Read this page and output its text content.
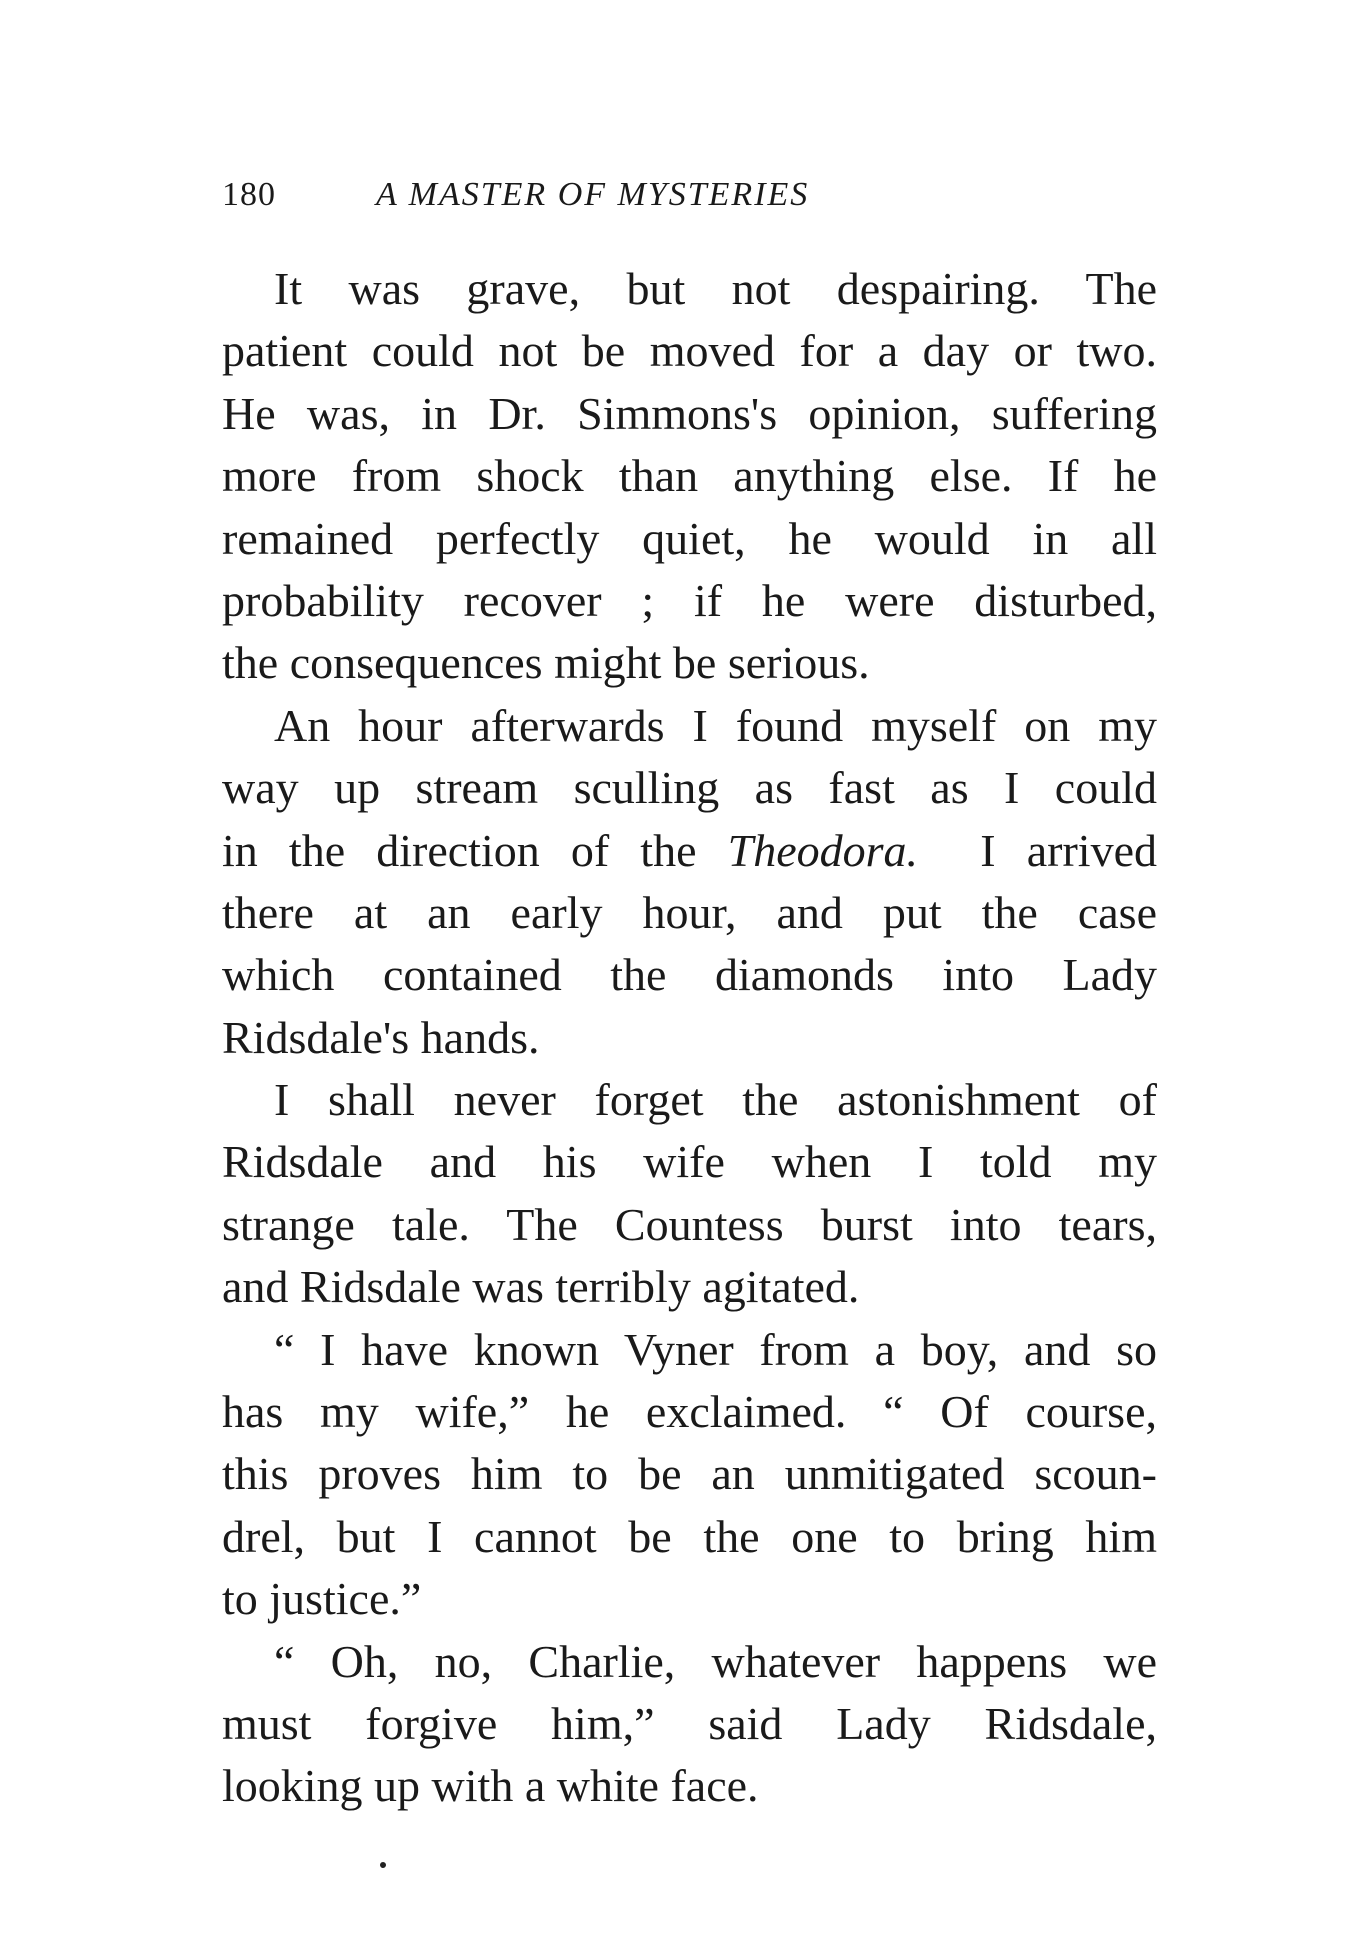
180	A MASTER OF MYSTERIES
It was grave, but not despairing. The
patient could not be moved for a day or two.
He was, in Dr. Simmons's opinion, suffering
more from shock than anything else. If he
remained perfectly quiet, he would in all
probability recover ; if he were disturbed,
the consequences might be serious.
An hour afterwards I found myself on my
way up stream sculling as fast as I could
in the direction of the Theodora.  I arrived
there at an early hour, and put the case
which contained the diamonds into Lady
Ridsdale's hands.
I shall never forget the astonishment of
Ridsdale and his wife when I told my
strange tale. The Countess burst into tears,
and Ridsdale was terribly agitated.
“ I have known Vyner from a boy, and so
has my wife,” he exclaimed. “ Of course,
this proves him to be an unmitigated scoun-
drel, but I cannot be the one to bring him
to justice.”
“ Oh, no, Charlie, whatever happens we
must forgive him,” said Lady Ridsdale,
looking up with a white face.
